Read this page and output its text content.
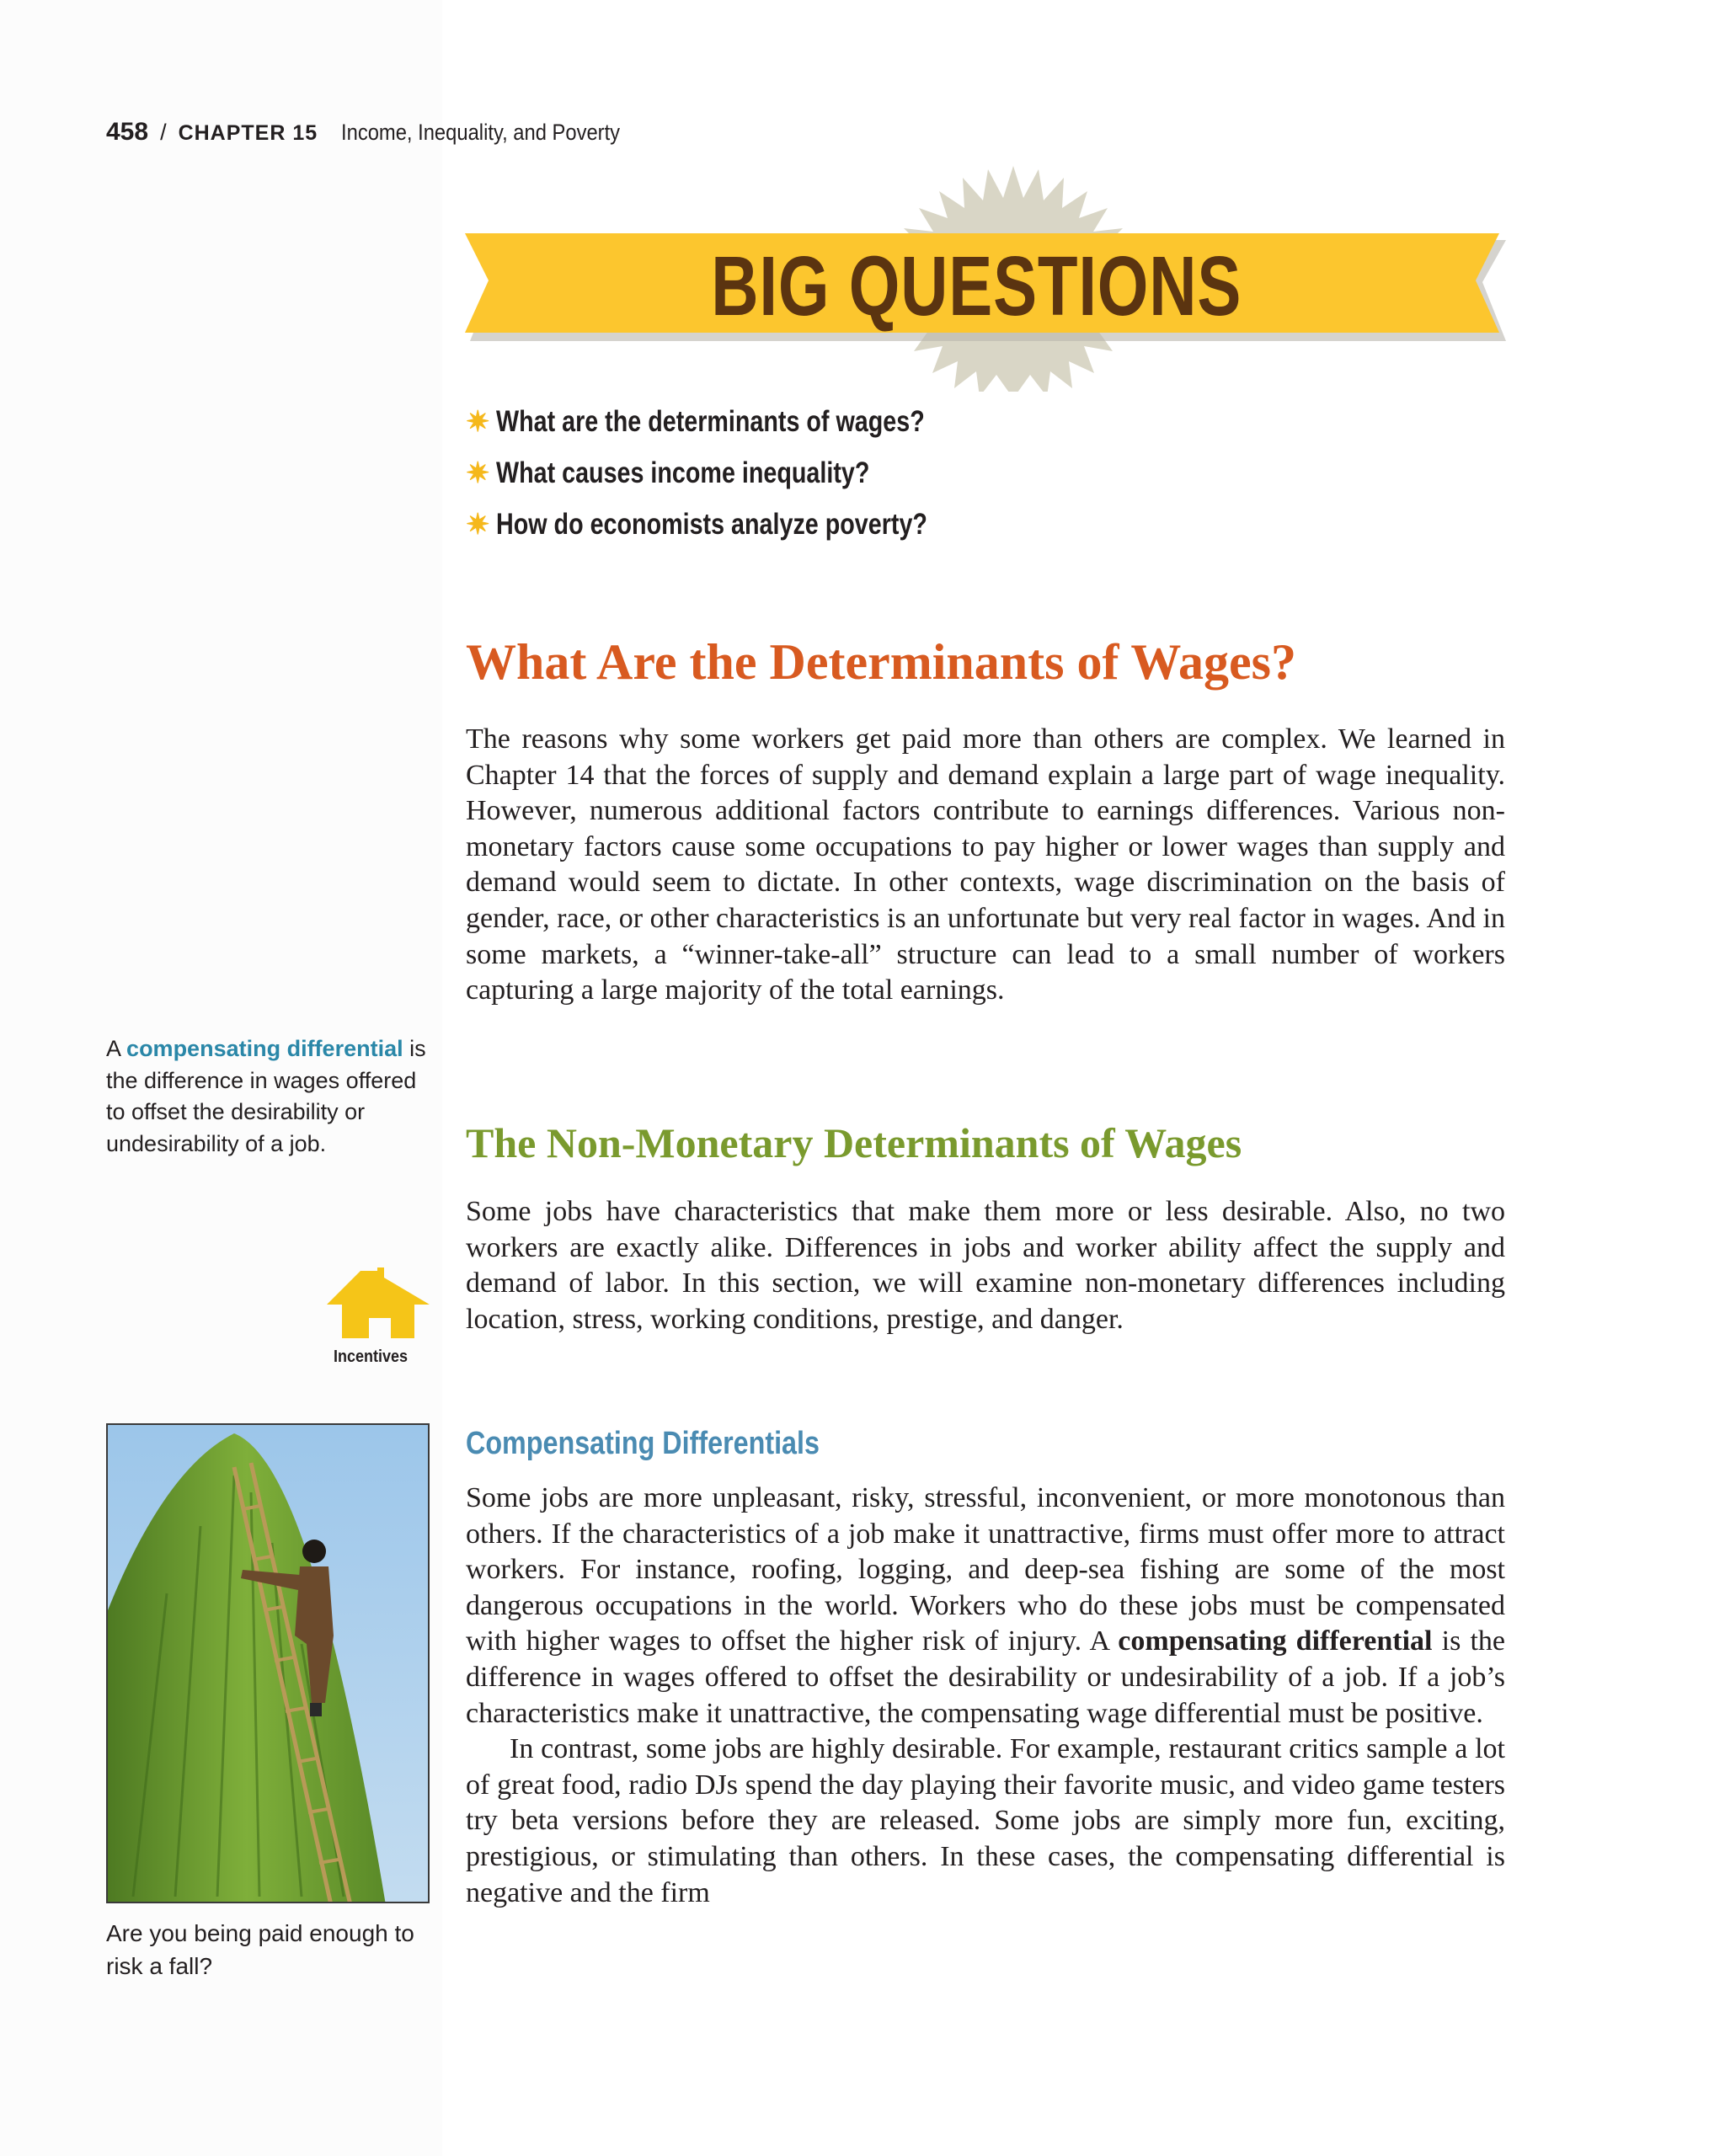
458 / CHAPTER 15 Income, Inequality, and Poverty
BIG QUESTIONS
✷ What are the determinants of wages?
✷ What causes income inequality?
✷ How do economists analyze poverty?
What Are the Determinants of Wages?

The reasons why some workers get paid more than others are complex. We learned in Chapter 14 that the forces of supply and demand explain a large part of wage inequality. However, numerous additional factors contribute to earnings differences. Various non-monetary factors cause some occupations to pay higher or lower wages than supply and demand would seem to dictate. In other contexts, wage discrimination on the basis of gender, race, or other characteristics is an unfortunate but very real factor in wages. And in some markets, a “winner-take-all” structure can lead to a small number of workers capturing a large majority of the total earnings.

A compensating differential is the difference in wages offered to offset the desirability or undesirability of a job.	The Non-Monetary Determinants of Wages

Some jobs have characteristics that make them more or less desirable. Also, no two workers are exactly alike. Differences in jobs and worker ability affect the supply and demand of labor. In this section, we will examine non-monetary differences including location, stress, working conditions, prestige, and danger.

Incentives
Compensating Differentials

Some jobs are more unpleasant, risky, stressful, inconvenient, or more monotonous than others. If the characteristics of a job make it unattractive, firms must offer more to attract workers. For instance, roofing, logging, and deep-sea fishing are some of the most dangerous occupations in the world. Workers who do these jobs must be compensated with higher wages to offset the higher risk of injury. A compensating differential is the difference in wages offered to offset the desirability or undesirability of a job. If a job’s characteristics make it unattractive, the compensating wage differential must be positive.

In contrast, some jobs are highly desirable. For example, restaurant critics sample a lot of great food, radio DJs spend the day playing their favorite music, and video game testers try beta versions before they are released. Some jobs are simply more fun, exciting, prestigious, or stimulating than others. In these cases, the compensating differential is negative and the firm

Are you being paid enough to risk a fall?
